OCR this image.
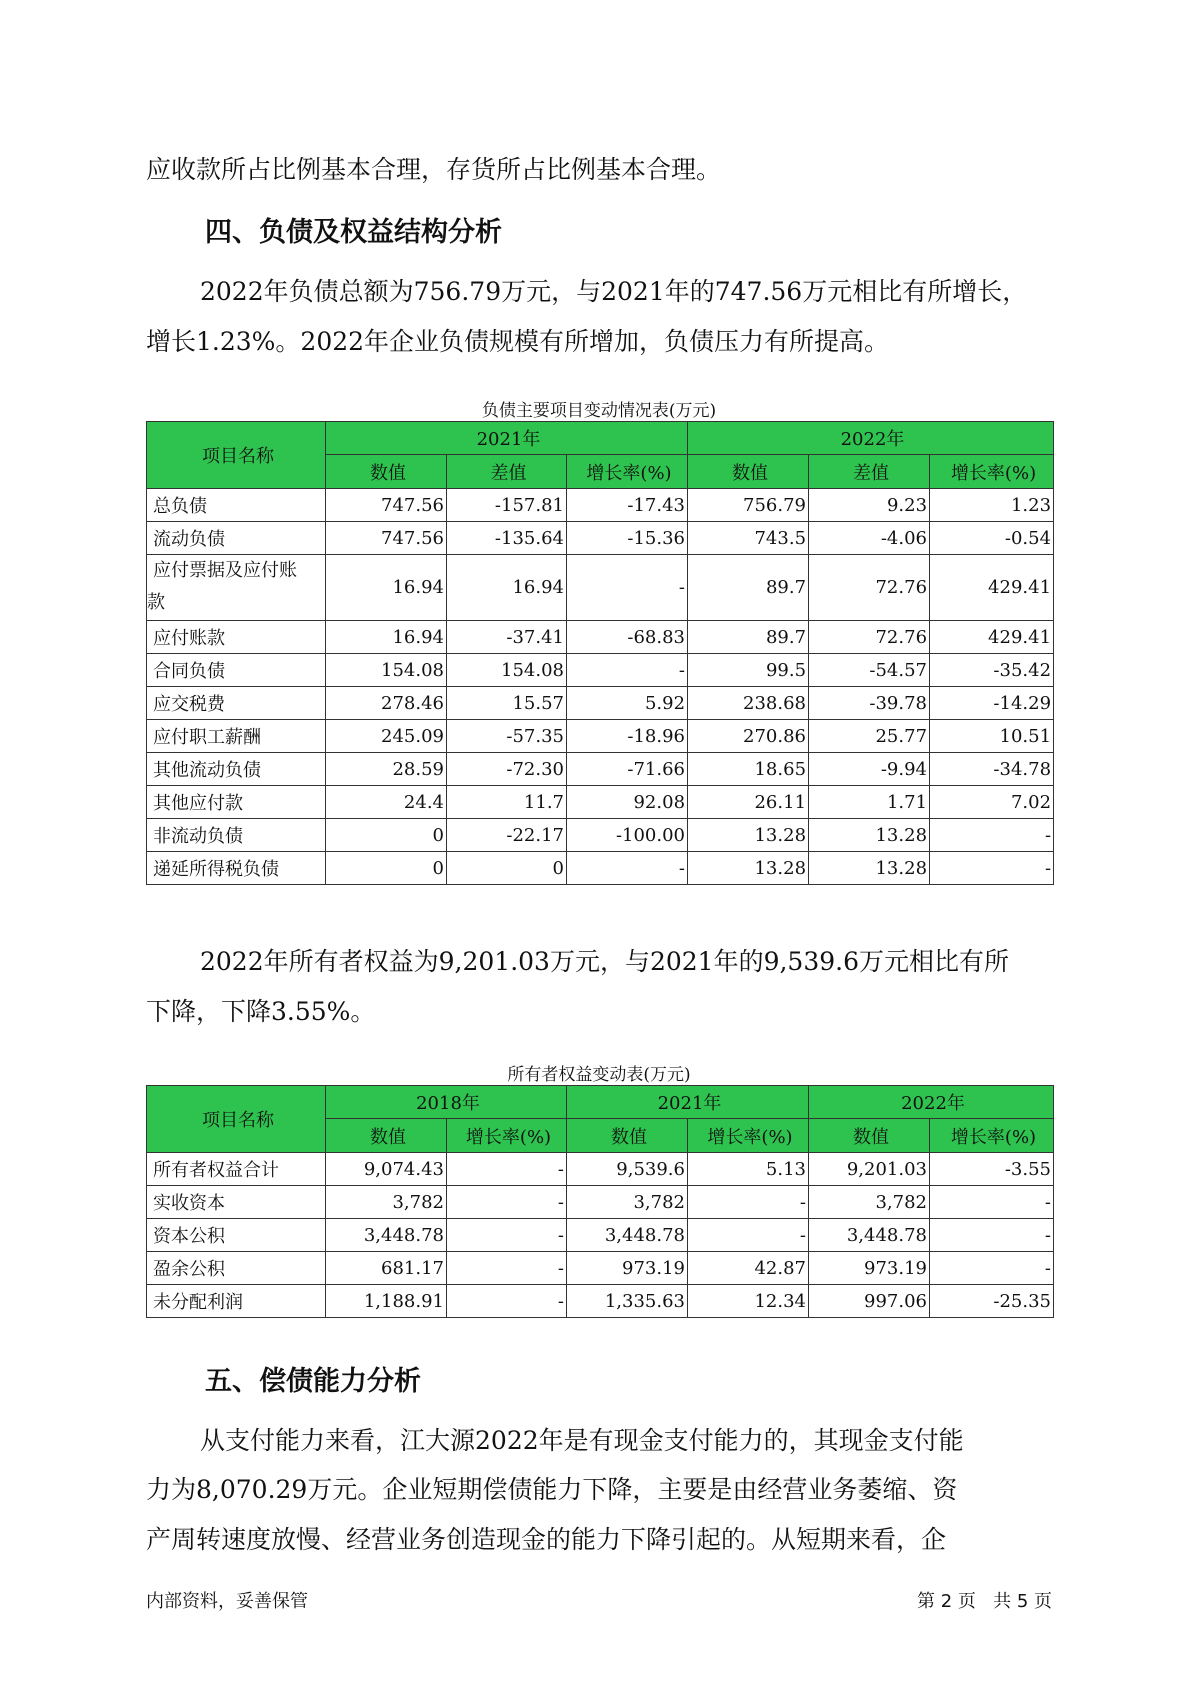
应收款所占比例基本合理，存货所占比例基本合理。

四、负债及权益结构分析

2022年负债总额为756.79万元，与2021年的747.56万元相比有所增长，

增长1.23%。2022年企业负债规模有所增加，负债压力有所提高。

负债主要项目变动情况表(万元)

项目名称	2021年			2022年		
	数值	差值	增长率(%)	数值	差值	增长率(%)
总负债	747.56	-157.81	-17.43	756.79	9.23	1.23
流动负债	747.56	-135.64	-15.36	743.5	-4.06	-0.54

应付票据及应付账
款	16.94	16.94	-	89.7	72.76	429.41
应付账款	16.94	-37.41	-68.83	89.7	72.76	429.41
合同负债	154.08	154.08	-	99.5	-54.57	-35.42
应交税费	278.46	15.57	5.92	238.68	-39.78	-14.29
应付职工薪酬	245.09	-57.35	-18.96	270.86	25.77	10.51
其他流动负债	28.59	-72.30	-71.66	18.65	-9.94	-34.78
其他应付款	24.4	11.7	92.08	26.11	1.71	7.02
非流动负债	0	-22.17	-100.00	13.28	13.28	-
递延所得税负债	0	0	-	13.28	13.28	-

2022年所有者权益为9,201.03万元，与2021年的9,539.6万元相比有所

下降，下降3.55%。

所有者权益变动表(万元)

项目名称	2018年		2021年		2022年	
	数值	增长率(%)	数值	增长率(%)	数值	增长率(%)
所有者权益合计	9,074.43	-	9,539.6	5.13	9,201.03	-3.55
实收资本	3,782	-	3,782	-	3,782	-
资本公积	3,448.78	-	3,448.78	-	3,448.78	-
盈余公积	681.17	-	973.19	42.87	973.19	-
未分配利润	1,188.91	-	1,335.63	12.34	997.06	-25.35
五、偿债能力分析

从支付能力来看，江大源2022年是有现金支付能力的，其现金支付能

力为8,070.29万元。企业短期偿债能力下降，主要是由经营业务萎缩、资

产周转速度放慢、经营业务创造现金的能力下降引起的。从短期来看，企

内部资料，妥善保管	第 2 页   共 5 页
